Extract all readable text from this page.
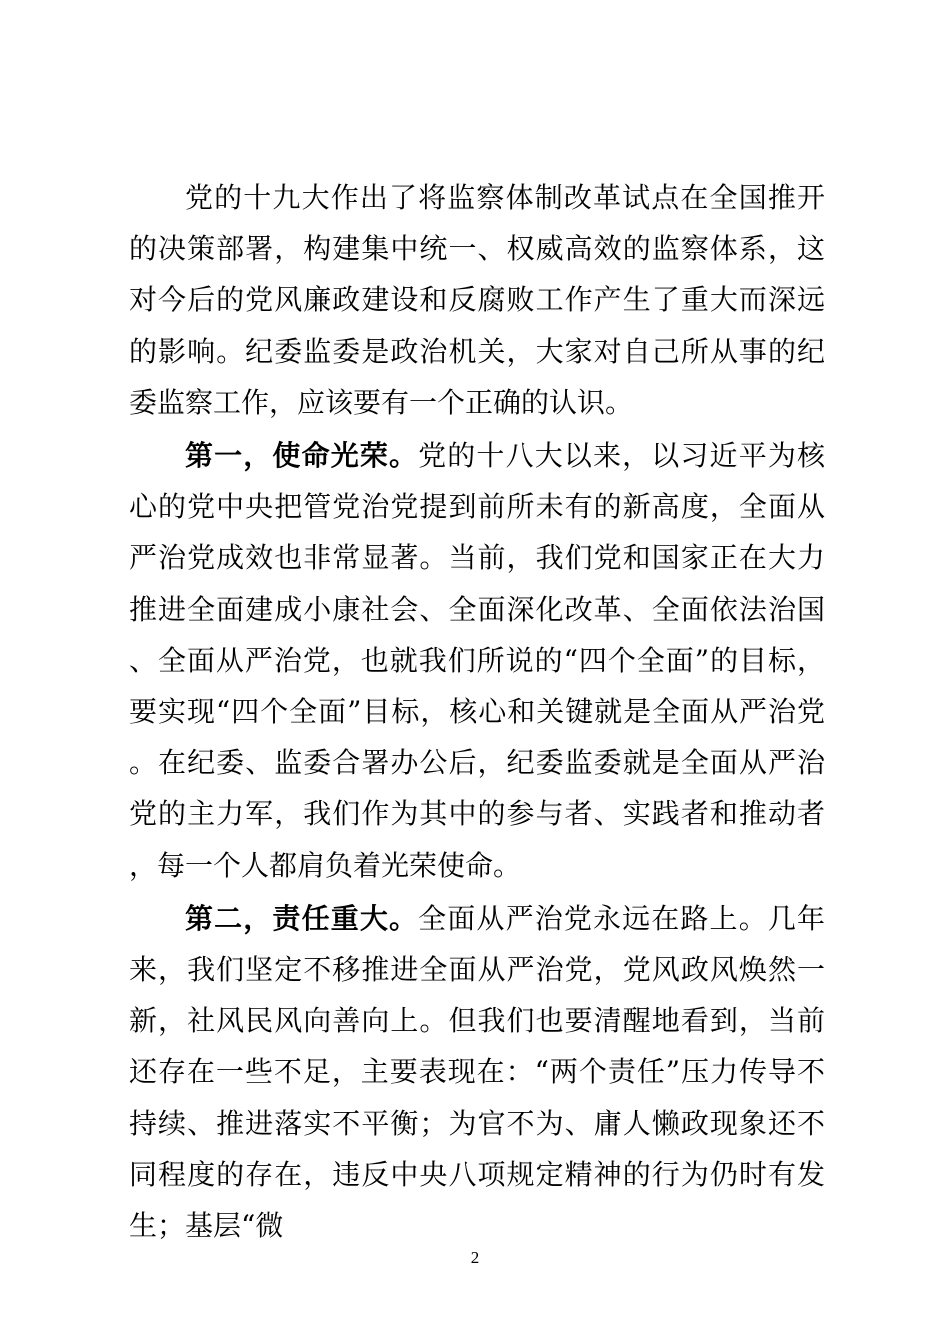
党的十九大作出了将监察体制改革试点在全国推开的决策部署，构建集中统一、权威高效的监察体系，这对今后的党风廉政建设和反腐败工作产生了重大而深远的影响。纪委监委是政治机关，大家对自己所从事的纪委监察工作，应该要有一个正确的认识。

第一，使命光荣。党的十八大以来，以习近平为核心的党中央把管党治党提到前所未有的新高度，全面从严治党成效也非常显著。当前，我们党和国家正在大力推进全面建成小康社会、全面深化改革、全面依法治国、全面从严治党，也就我们所说的“四个全面”的目标，要实现“四个全面”目标，核心和关键就是全面从严治党。在纪委、监委合署办公后，纪委监委就是全面从严治党的主力军，我们作为其中的参与者、实践者和推动者，每一个人都肩负着光荣使命。

第二，责任重大。全面从严治党永远在路上。几年来，我们坚定不移推进全面从严治党，党风政风焕然一新，社风民风向善向上。但我们也要清醒地看到，当前还存在一些不足，主要表现在：“两个责任”压力传导不持续、推进落实不平衡；为官不为、庸人懒政现象还不同程度的存在，违反中央八项规定精神的行为仍时有发生；基层“微

2
